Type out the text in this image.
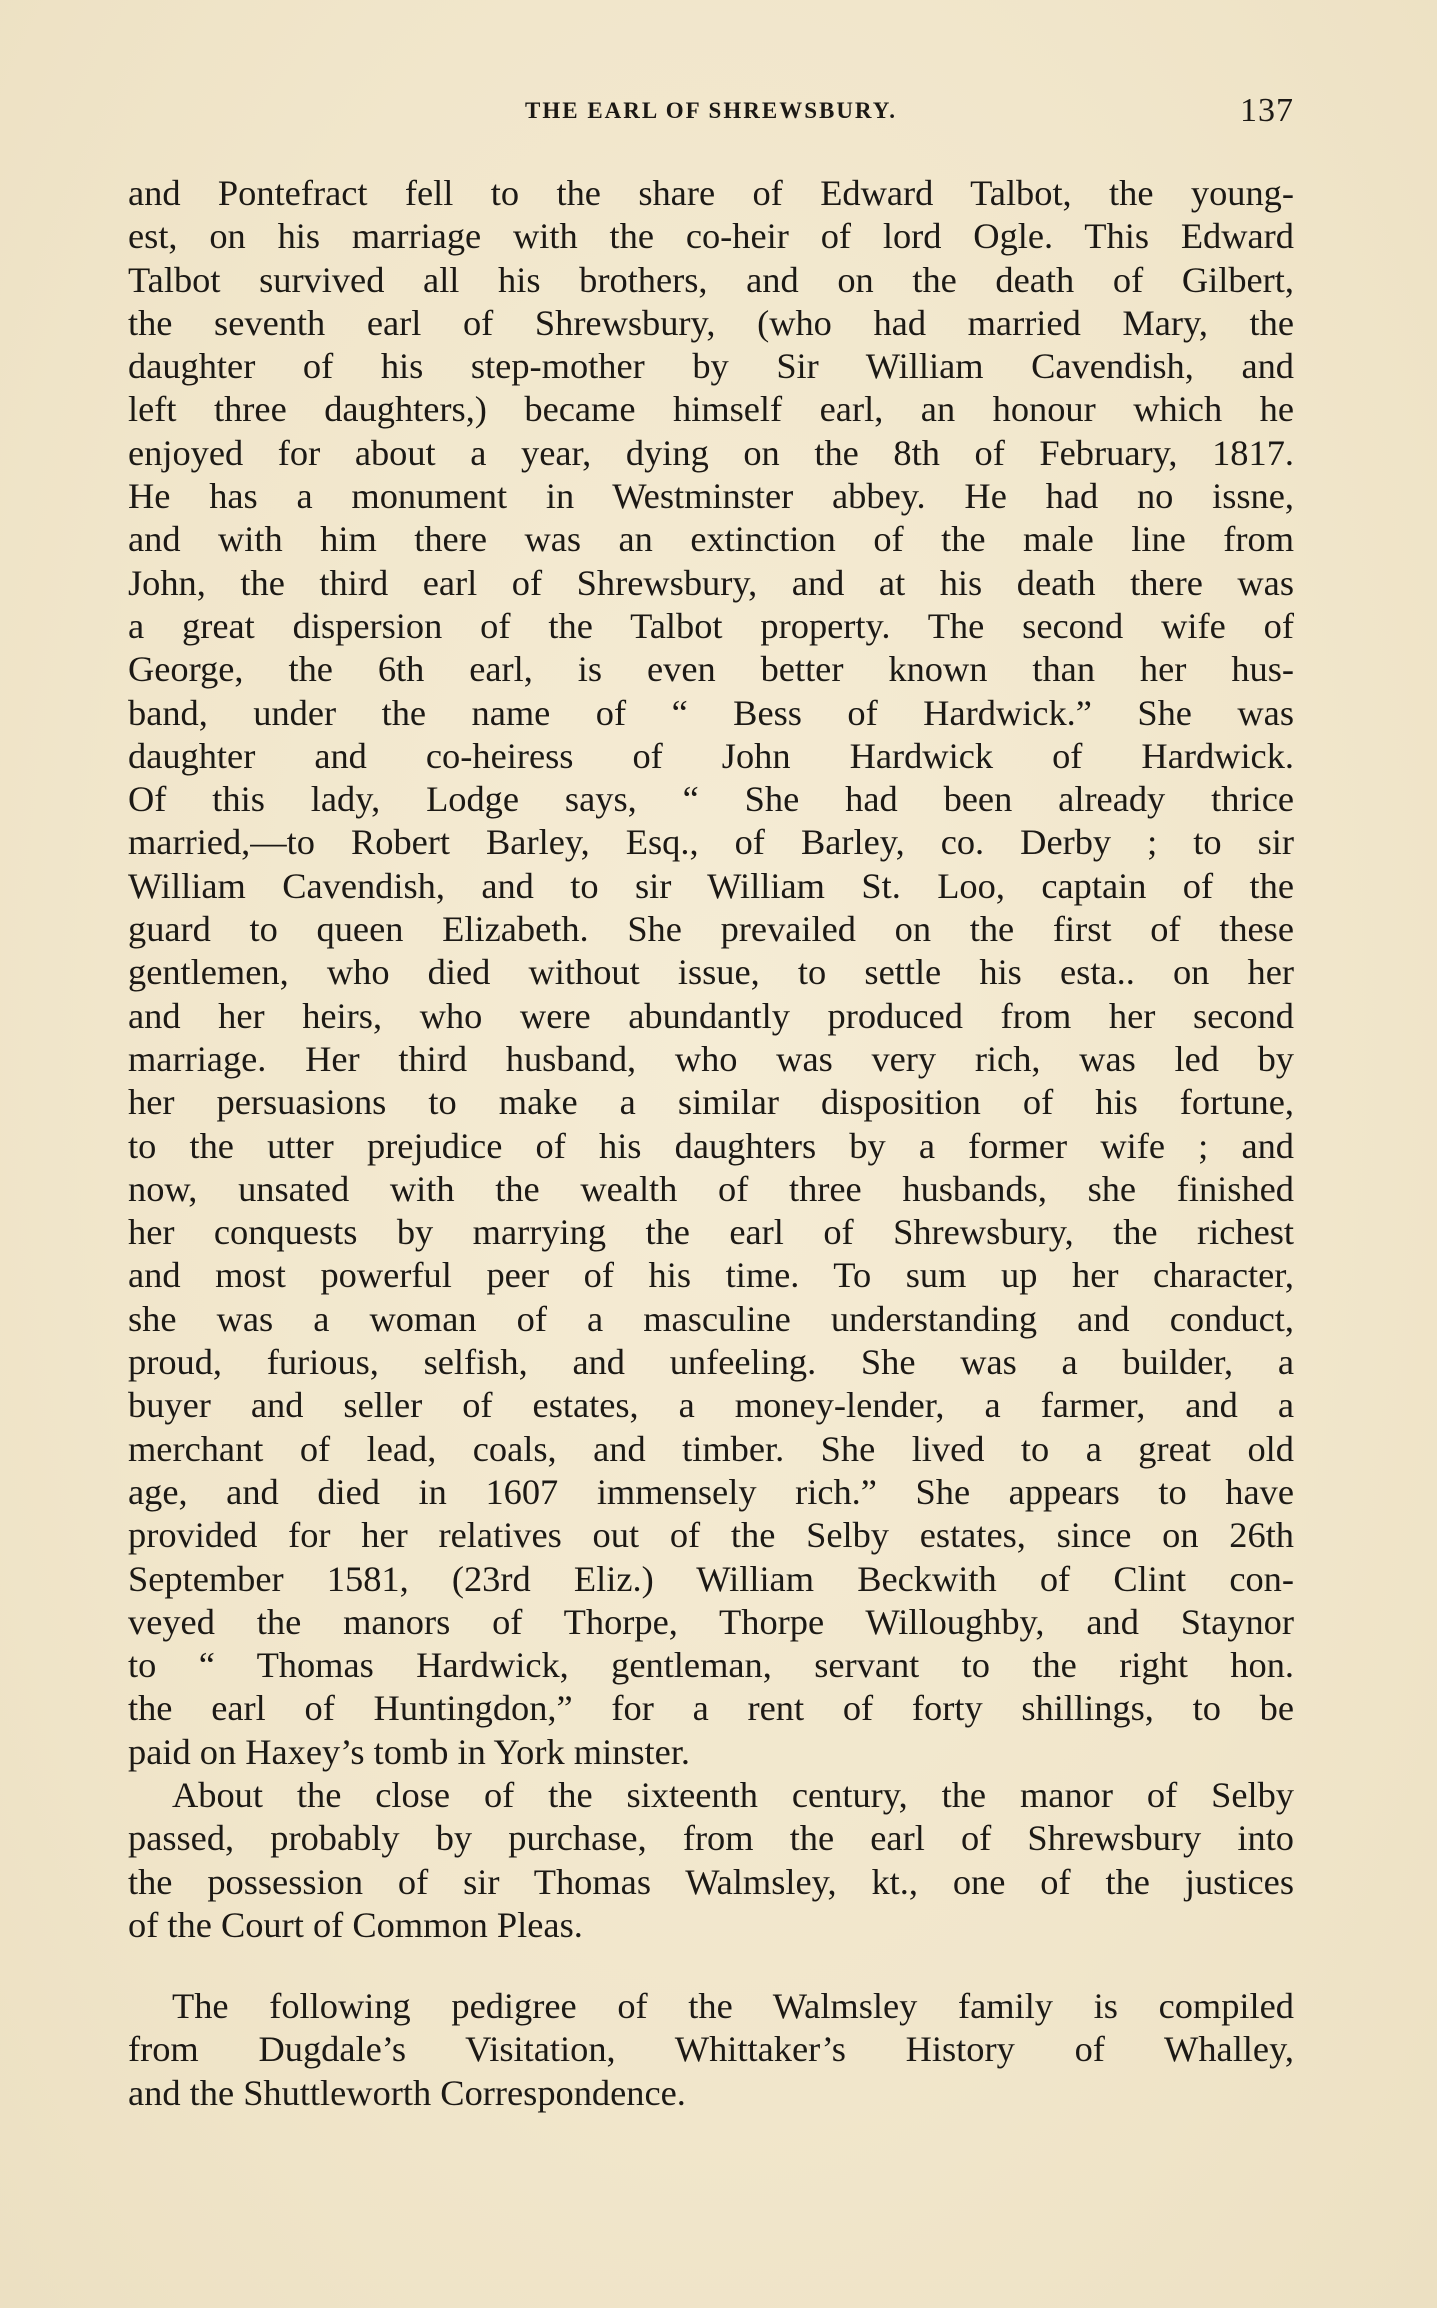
THE EARL OF SHREWSBURY.	137
and Pontefract fell to the share of Edward Talbot, the young-
est, on his marriage with the co-heir of lord Ogle. This Edward
Talbot survived all his brothers, and on the death of Gilbert,
the seventh earl of Shrewsbury, (who had married Mary, the
daughter of his step-mother by Sir William Cavendish, and
left three daughters,) became himself earl, an honour which he
enjoyed for about a year, dying on the 8th of February, 1817.
He has a monument in Westminster abbey. He had no issne,
and with him there was an extinction of the male line from
John, the third earl of Shrewsbury, and at his death there was
a great dispersion of the Talbot property. The second wife of
George, the 6th earl, is even better known than her hus-
band, under the name of “ Bess of Hardwick.” She was
daughter and co-heiress of John Hardwick of Hardwick.
Of this lady, Lodge says, “ She had been already thrice
married,—to Robert Barley, Esq., of Barley, co. Derby ; to sir
William Cavendish, and to sir William St. Loo, captain of the
guard to queen Elizabeth. She prevailed on the first of these
gentlemen, who died without issue, to settle his esta.. on her
and her heirs, who were abundantly produced from her second
marriage. Her third husband, who was very rich, was led by
her persuasions to make a similar disposition of his fortune,
to the utter prejudice of his daughters by a former wife ; and
now, unsated with the wealth of three husbands, she finished
her conquests by marrying the earl of Shrewsbury, the richest
and most powerful peer of his time. To sum up her character,
she was a woman of a masculine understanding and conduct,
proud, furious, selfish, and unfeeling. She was a builder, a
buyer and seller of estates, a money-lender, a farmer, and a
merchant of lead, coals, and timber. She lived to a great old
age, and died in 1607 immensely rich.” She appears to have
provided for her relatives out of the Selby estates, since on 26th
September 1581, (23rd Eliz.) William Beckwith of Clint con-
veyed the manors of Thorpe, Thorpe Willoughby, and Staynor
to “ Thomas Hardwick, gentleman, servant to the right hon.
the earl of Huntingdon,” for a rent of forty shillings, to be
paid on Haxey’s tomb in York minster.
About the close of the sixteenth century, the manor of Selby
passed, probably by purchase, from the earl of Shrewsbury into
the possession of sir Thomas Walmsley, kt., one of the justices
of the Court of Common Pleas.
The following pedigree of the Walmsley family is compiled
from Dugdale’s Visitation, Whittaker’s History of Whalley,
and the Shuttleworth Correspondence.
